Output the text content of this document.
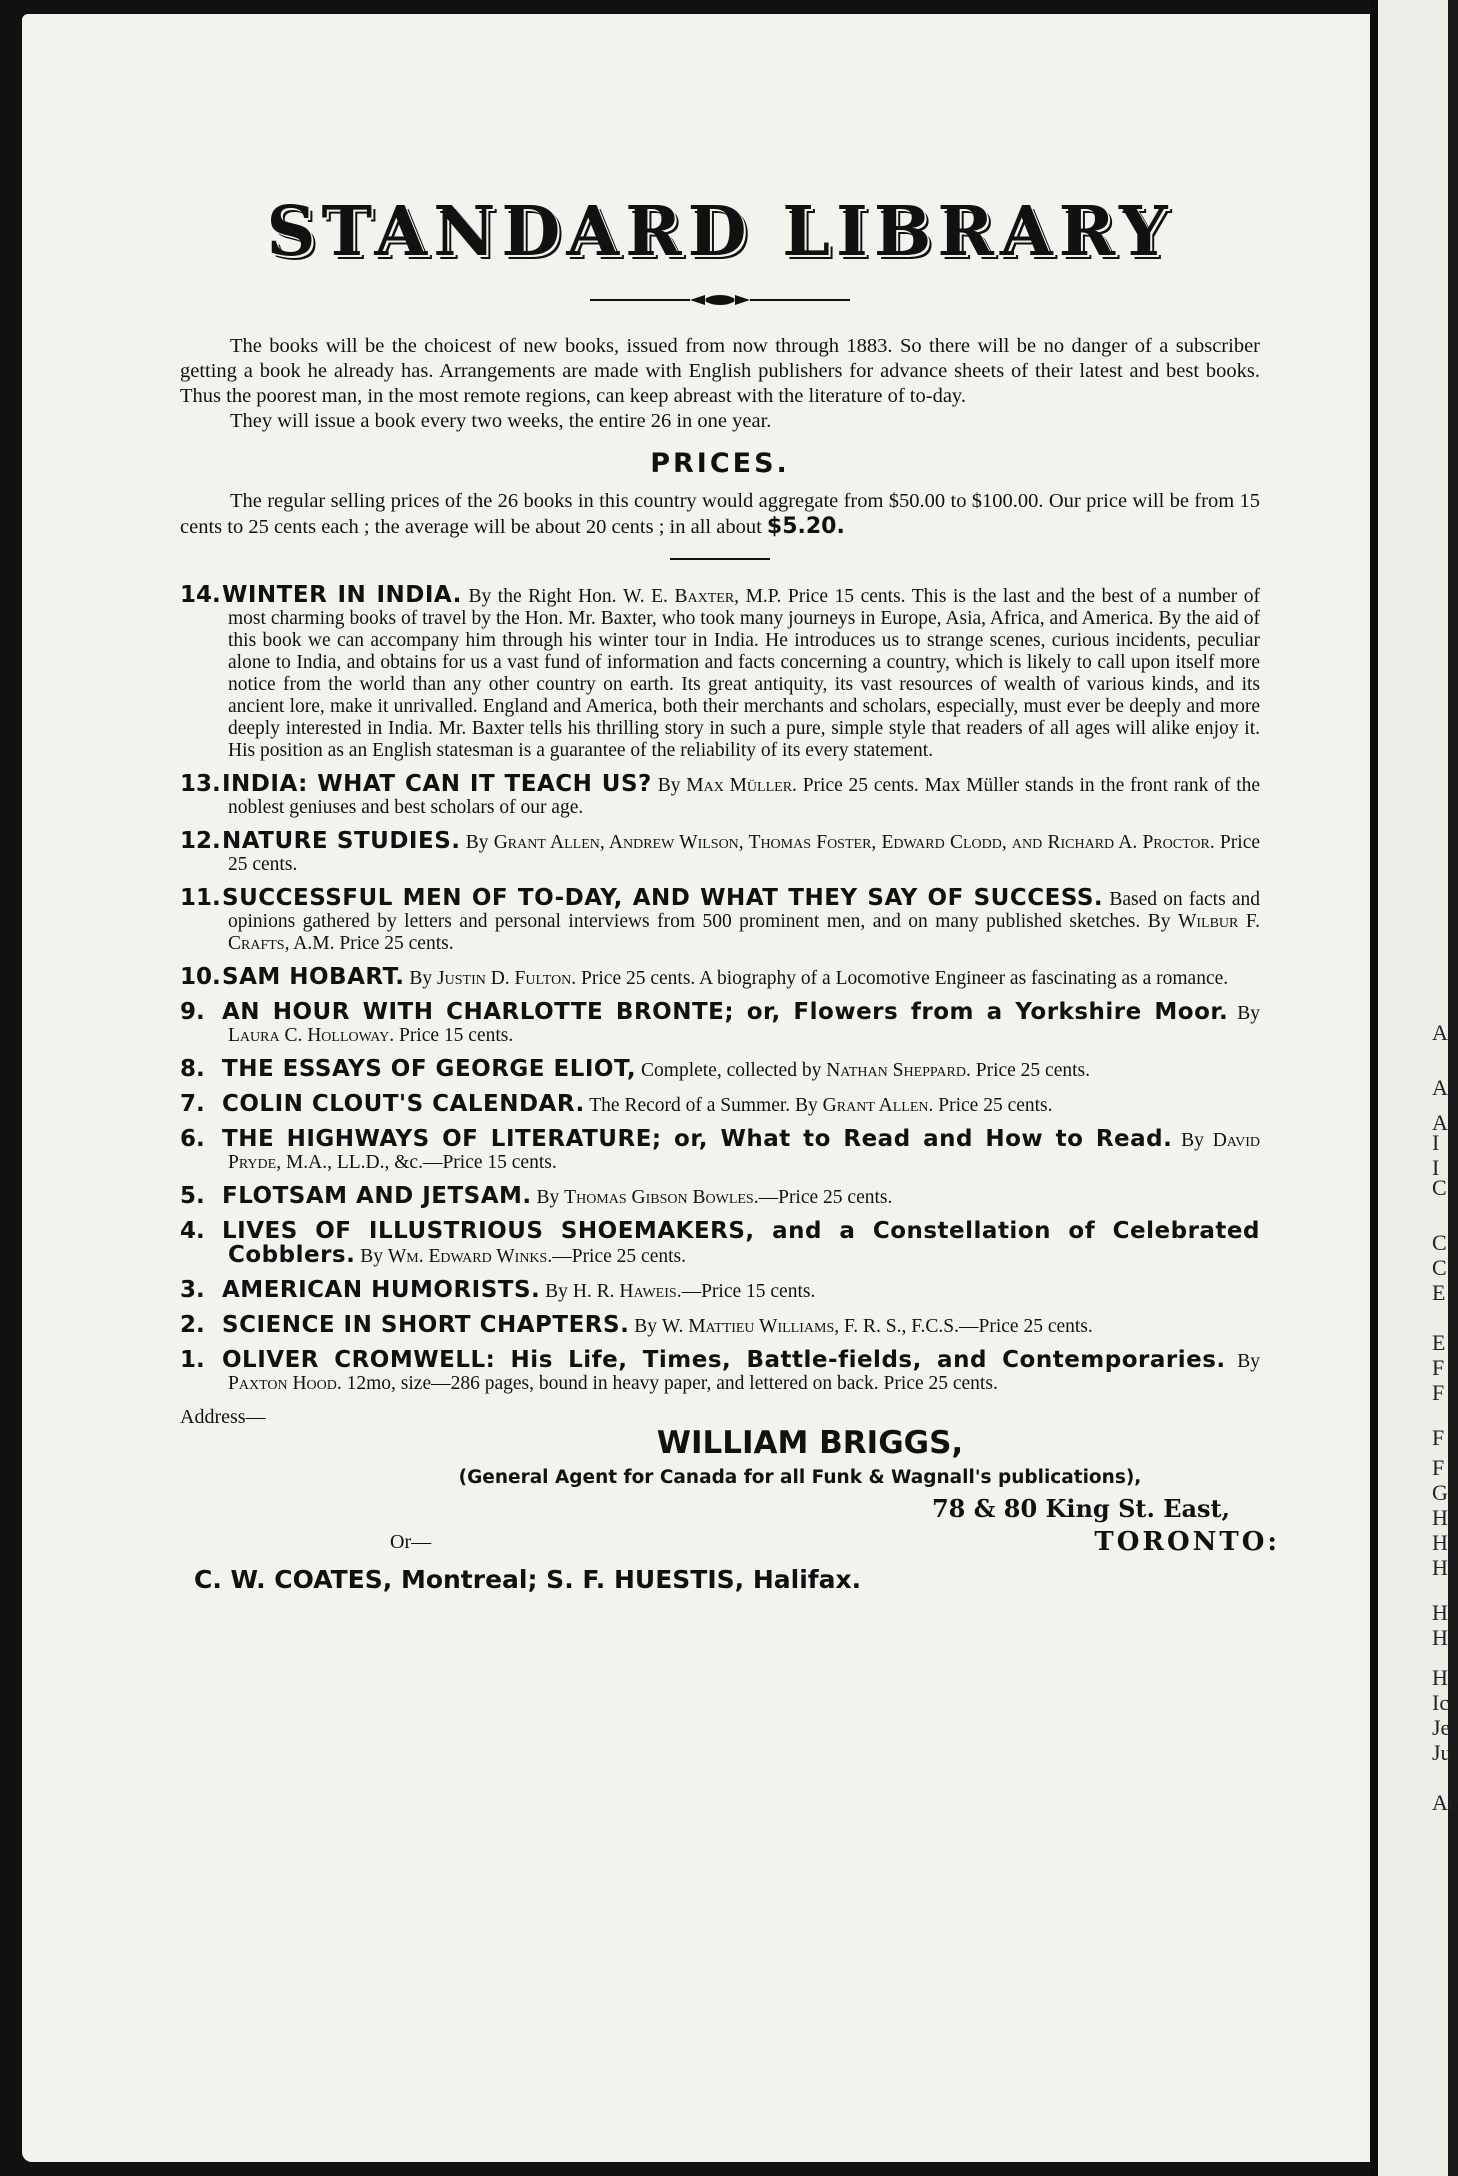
A
A
A
I
I
C
C
C
E
E
F
F
F
F
G
H
H
H
H
H
H
Ic
Je
Ju
Ac
STANDARD LIBRARY

The books will be the choicest of new books, issued from now through 1883. So there will be no danger of a subscriber getting a book he already has. Arrangements are made with English publishers for advance sheets of their latest and best books. Thus the poorest man, in the most remote regions, can keep abreast with the literature of to-day.

They will issue a book every two weeks, the entire 26 in one year.

PRICES.

The regular selling prices of the 26 books in this country would aggregate from $50.00 to $100.00. Our price will be from 15 cents to 25 cents each ; the average will be about 20 cents ; in all about $5.20.

14.WINTER IN INDIA. By the Right Hon. W. E. Baxter, M.P. Price 15 cents. This is the last and the best of a number of most charming books of travel by the Hon. Mr. Baxter, who took many journeys in Europe, Asia, Africa, and America. By the aid of this book we can accompany him through his winter tour in India. He introduces us to strange scenes, curious incidents, peculiar alone to India, and obtains for us a vast fund of information and facts concerning a country, which is likely to call upon itself more notice from the world than any other country on earth. Its great antiquity, its vast resources of wealth of various kinds, and its ancient lore, make it unrivalled. England and America, both their merchants and scholars, especially, must ever be deeply and more deeply interested in India. Mr. Baxter tells his thrilling story in such a pure, simple style that readers of all ages will alike enjoy it. His position as an English statesman is a guarantee of the reliability of its every statement.

13.INDIA: WHAT CAN IT TEACH US? By Max Müller. Price 25 cents. Max Müller stands in the front rank of the noblest geniuses and best scholars of our age.

12.NATURE STUDIES. By Grant Allen, Andrew Wilson, Thomas Foster, Edward Clodd, and Richard A. Proctor. Price 25 cents.

11.SUCCESSFUL MEN OF TO-DAY, AND WHAT THEY SAY OF SUCCESS. Based on facts and opinions gathered by letters and personal interviews from 500 prominent men, and on many published sketches. By Wilbur F. Crafts, A.M. Price 25 cents.

10.SAM HOBART. By Justin D. Fulton. Price 25 cents. A biography of a Locomotive Engineer as fascinating as a romance.

9. AN HOUR WITH CHARLOTTE BRONTE; or, Flowers from a Yorkshire Moor. By Laura C. Holloway. Price 15 cents.

8. THE ESSAYS OF GEORGE ELIOT, Complete, collected by Nathan Sheppard. Price 25 cents.

7. COLIN CLOUT'S CALENDAR. The Record of a Summer. By Grant Allen. Price 25 cents.

6. THE HIGHWAYS OF LITERATURE; or, What to Read and How to Read. By David Pryde, M.A., LL.D., &c.—Price 15 cents.

5. FLOTSAM AND JETSAM. By Thomas Gibson Bowles.—Price 25 cents.

4. LIVES OF ILLUSTRIOUS SHOEMAKERS, and a Constellation of Celebrated Cobblers. By Wm. Edward Winks.—Price 25 cents.

3. AMERICAN HUMORISTS. By H. R. Haweis.—Price 15 cents.

2. SCIENCE IN SHORT CHAPTERS. By W. Mattieu Williams, F. R. S., F.C.S.—Price 25 cents.

1. OLIVER CROMWELL: His Life, Times, Battle-fields, and Contemporaries. By Paxton Hood. 12mo, size—286 pages, bound in heavy paper, and lettered on back. Price 25 cents.

Address—
WILLIAM BRIGGS,
(General Agent for Canada for all Funk & Wagnall's publications),
78 & 80 King St. East,
Or—	TORONTO:
C. W. COATES, Montreal; S. F. HUESTIS, Halifax.
